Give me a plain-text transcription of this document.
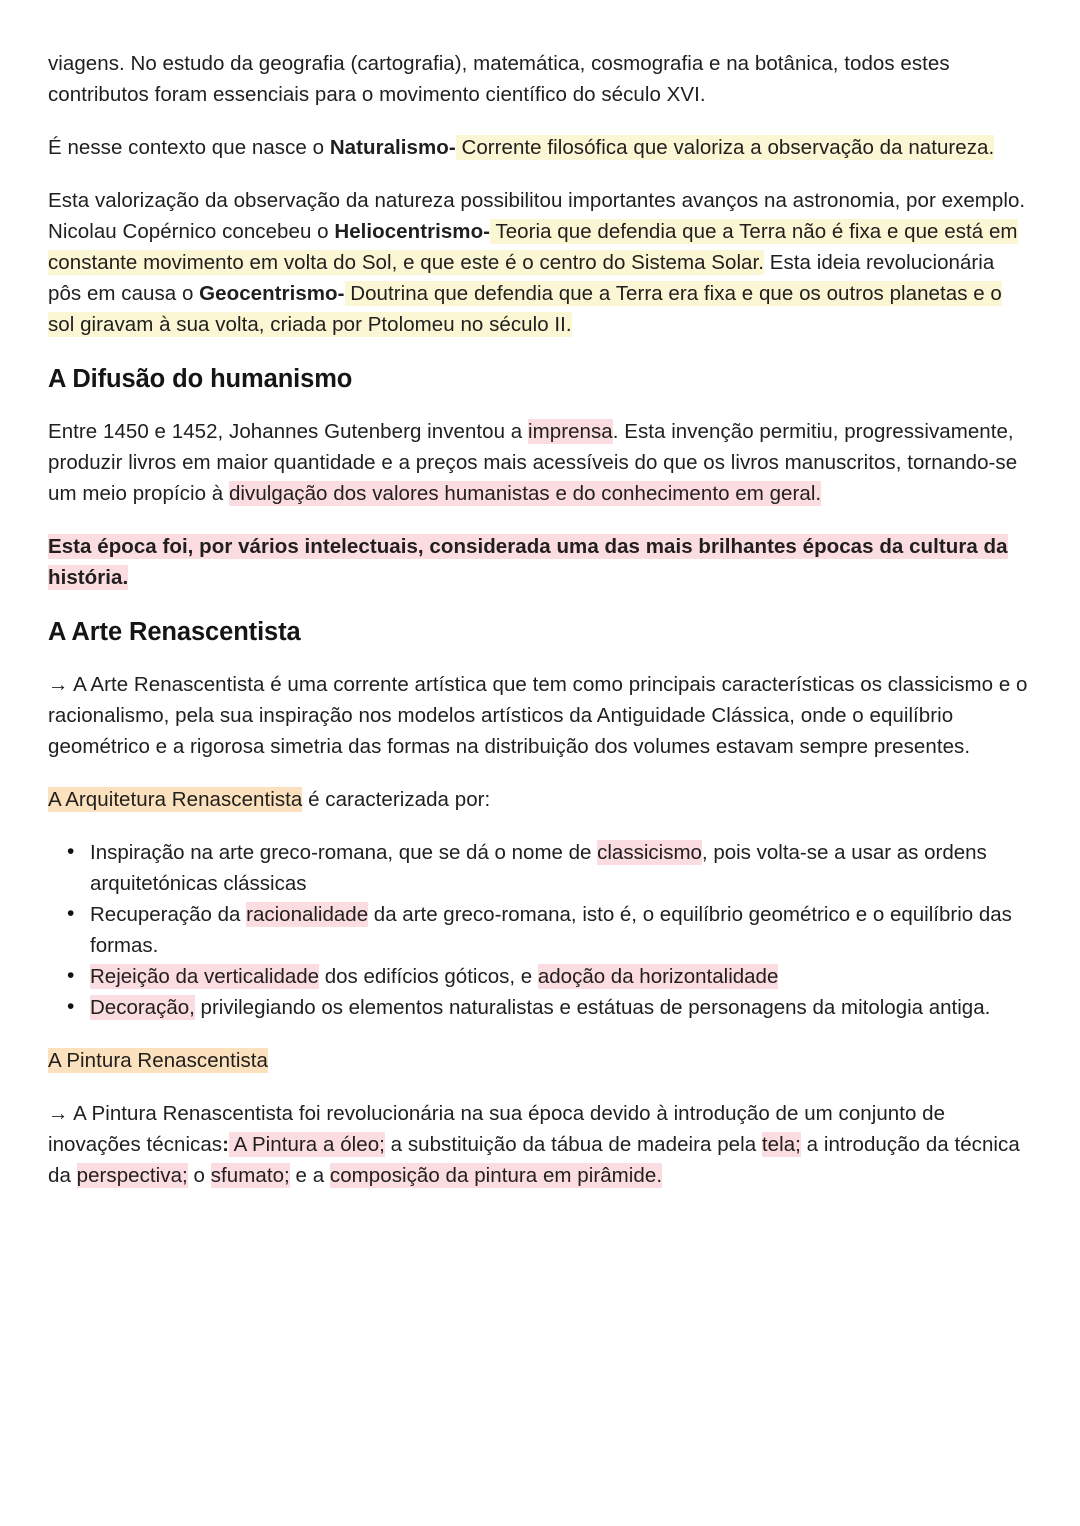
viagens. No estudo da geografia (cartografia), matemática, cosmografia e na botânica, todos estes contributos foram essenciais para o movimento científico do século XVI.

É nesse contexto que nasce o Naturalismo- Corrente filosófica que valoriza a observação da natureza.

Esta valorização da observação da natureza possibilitou importantes avanços na astronomia, por exemplo. Nicolau Copérnico concebeu o Heliocentrismo- Teoria que defendia que a Terra não é fixa e que está em constante movimento em volta do Sol, e que este é o centro do Sistema Solar. Esta ideia revolucionária pôs em causa o Geocentrismo- Doutrina que defendia que a Terra era fixa e que os outros planetas e o sol giravam à sua volta, criada por Ptolomeu no século II.

A Difusão do humanismo

Entre 1450 e 1452, Johannes Gutenberg inventou a imprensa. Esta invenção permitiu, progressivamente, produzir livros em maior quantidade e a preços mais acessíveis do que os livros manuscritos, tornando-se um meio propício à divulgação dos valores humanistas e do conhecimento em geral.

Esta época foi, por vários intelectuais, considerada uma das mais brilhantes épocas da cultura da história.

A Arte Renascentista

→ A Arte Renascentista é uma corrente artística que tem como principais características os classicismo e o racionalismo, pela sua inspiração nos modelos artísticos da Antiguidade Clássica, onde o equilíbrio geométrico e a rigorosa simetria das formas na distribuição dos volumes estavam sempre presentes.

A Arquitetura Renascentista é caracterizada por:

• Inspiração na arte greco-romana, que se dá o nome de classicismo, pois volta-se a usar as ordens arquitetónicas clássicas
• Recuperação da racionalidade da arte greco-romana, isto é, o equilíbrio geométrico e o equilíbrio das formas.
• Rejeição da verticalidade dos edifícios góticos, e adoção da horizontalidade
• Decoração, privilegiando os elementos naturalistas e estátuas de personagens da mitologia antiga.

A Pintura Renascentista

→ A Pintura Renascentista foi revolucionária na sua época devido à introdução de um conjunto de inovações técnicas: A Pintura a óleo; a substituição da tábua de madeira pela tela; a introdução da técnica da perspectiva; o sfumato; e a composição da pintura em pirâmide.
